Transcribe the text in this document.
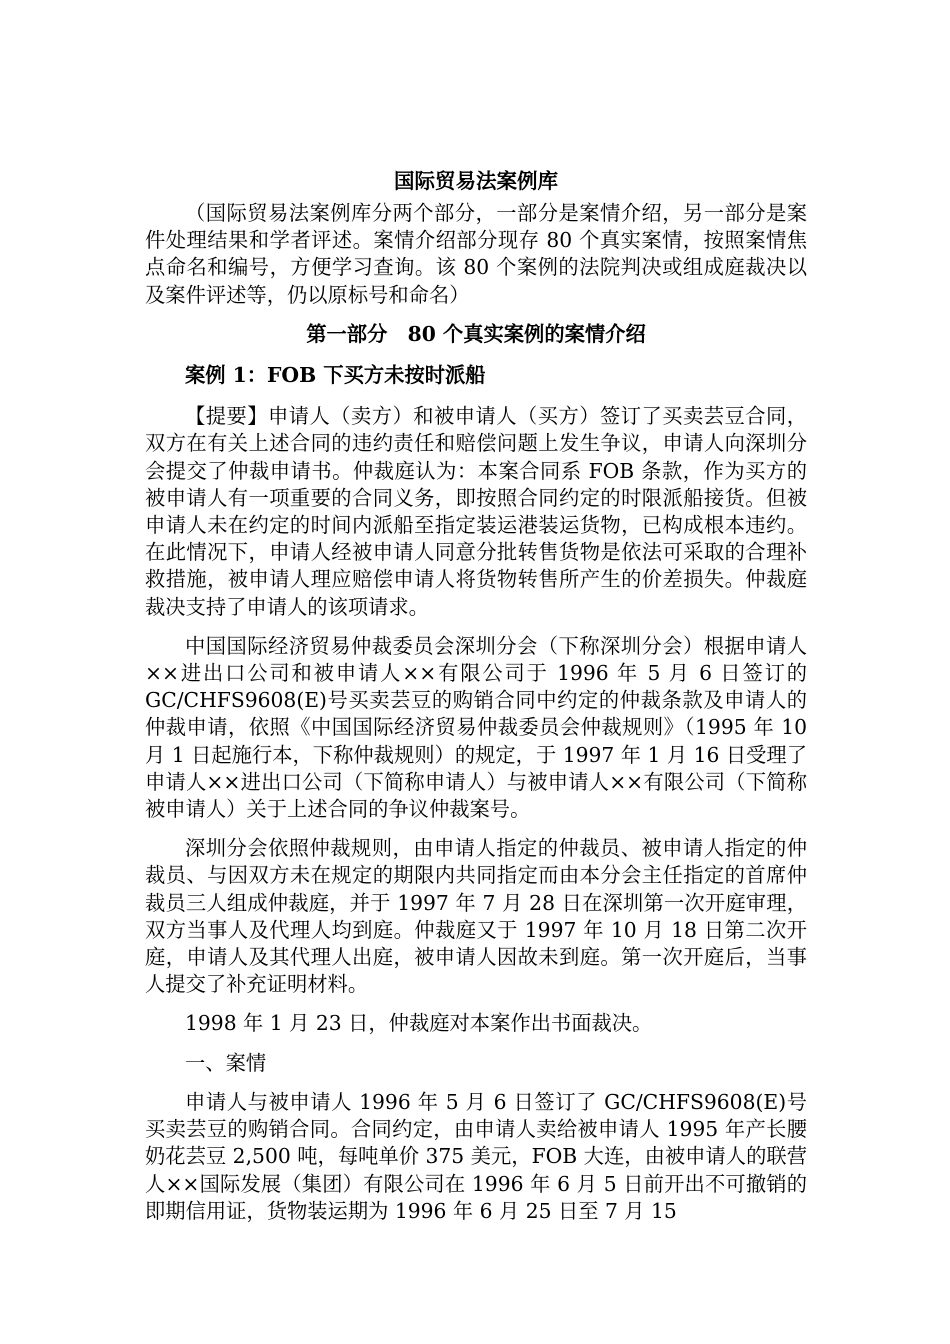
国际贸易法案例库

（国际贸易法案例库分两个部分，一部分是案情介绍，另一部分是案件处理结果和学者评述。案情介绍部分现存 80 个真实案情，按照案情焦点命名和编号，方便学习查询。该 80 个案例的法院判决或组成庭裁决以及案件评述等，仍以原标号和命名）

第一部分　80 个真实案例的案情介绍

案例 1：FOB 下买方未按时派船

【提要】申请人（卖方）和被申请人（买方）签订了买卖芸豆合同，双方在有关上述合同的违约责任和赔偿问题上发生争议，申请人向深圳分会提交了仲裁申请书。仲裁庭认为：本案合同系 FOB 条款，作为买方的被申请人有一项重要的合同义务，即按照合同约定的时限派船接货。但被申请人未在约定的时间内派船至指定装运港装运货物，已构成根本违约。在此情况下，申请人经被申请人同意分批转售货物是依法可采取的合理补救措施，被申请人理应赔偿申请人将货物转售所产生的价差损失。仲裁庭裁决支持了申请人的该项请求。

中国国际经济贸易仲裁委员会深圳分会（下称深圳分会）根据申请人××进出口公司和被申请人××有限公司于 1996 年 5 月 6 日签订的 GC/CHFS9608(E)号买卖芸豆的购销合同中约定的仲裁条款及申请人的仲裁申请，依照《中国国际经济贸易仲裁委员会仲裁规则》（1995 年 10 月 1 日起施行本，下称仲裁规则）的规定，于 1997 年 1 月 16 日受理了申请人××进出口公司（下简称申请人）与被申请人××有限公司（下简称被申请人）关于上述合同的争议仲裁案号。

深圳分会依照仲裁规则，由申请人指定的仲裁员、被申请人指定的仲裁员、与因双方未在规定的期限内共同指定而由本分会主任指定的首席仲裁员三人组成仲裁庭，并于 1997 年 7 月 28 日在深圳第一次开庭审理，双方当事人及代理人均到庭。仲裁庭又于 1997 年 10 月 18 日第二次开庭，申请人及其代理人出庭，被申请人因故未到庭。第一次开庭后，当事人提交了补充证明材料。

1998 年 1 月 23 日，仲裁庭对本案作出书面裁决。

一、案情

申请人与被申请人 1996 年 5 月 6 日签订了 GC/CHFS9608(E)号买卖芸豆的购销合同。合同约定，由申请人卖给被申请人 1995 年产长腰奶花芸豆 2,500 吨，每吨单价 375 美元，FOB 大连，由被申请人的联营人××国际发展（集团）有限公司在 1996 年 6 月 5 日前开出不可撤销的即期信用证，货物装运期为 1996 年 6 月 25 日至 7 月 15
